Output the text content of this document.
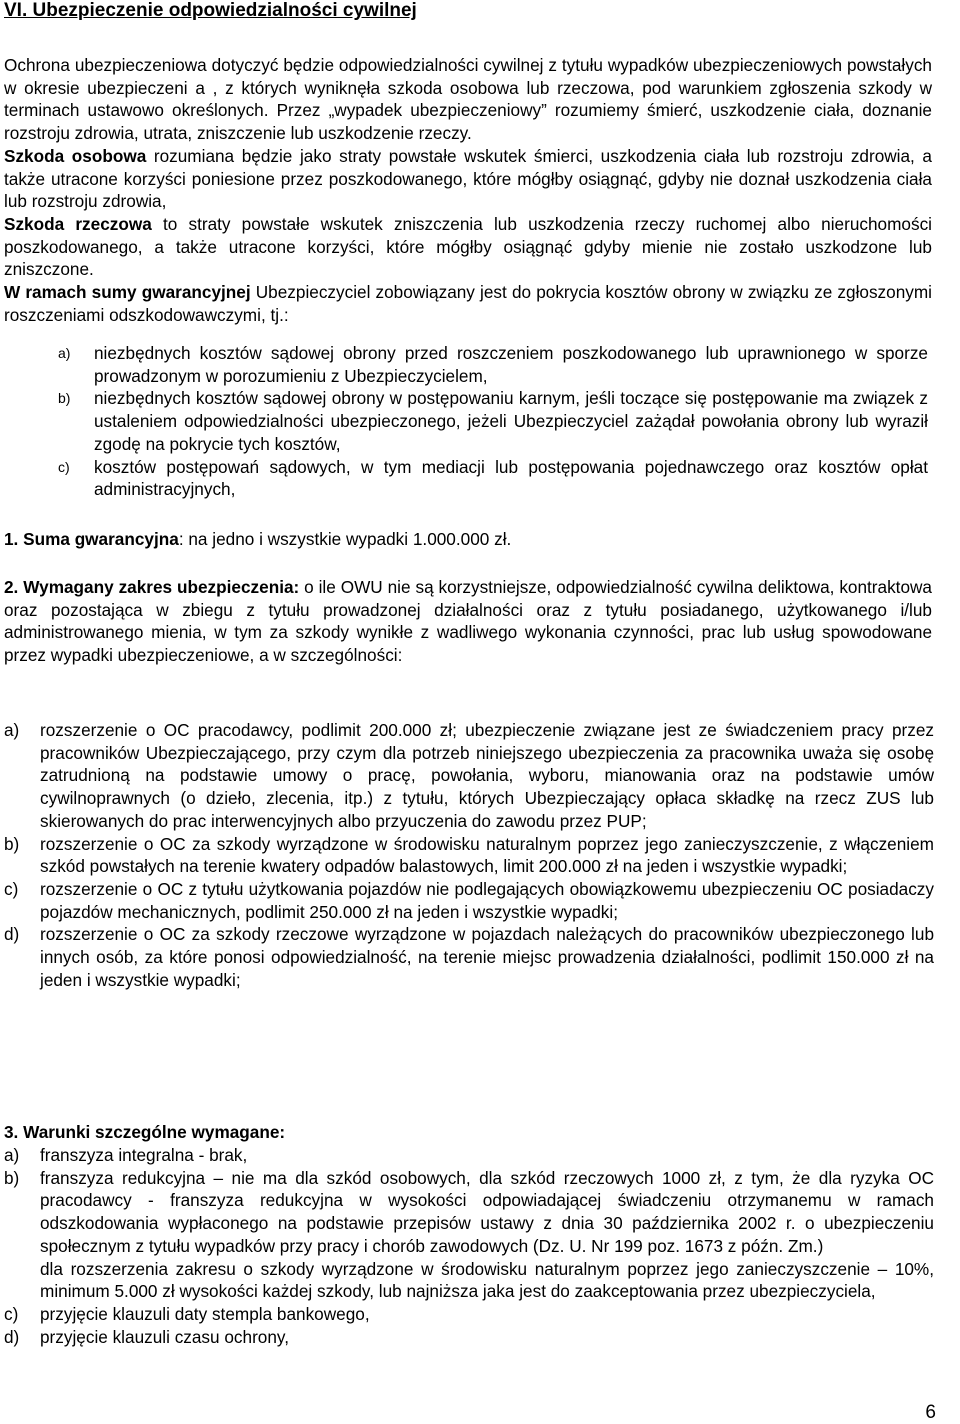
VI. Ubezpieczenie odpowiedzialności cywilnej

Ochrona ubezpieczeniowa dotyczyć będzie odpowiedzialności cywilnej z tytułu wypadków ubezpieczeniowych powstałych w okresie ubezpieczeni a , z których wyniknęła szkoda osobowa lub rzeczowa, pod warunkiem zgłoszenia szkody w terminach ustawowo określonych. Przez „wypadek ubezpieczeniowy” rozumiemy śmierć, uszkodzenie ciała, doznanie rozstroju zdrowia, utrata, zniszczenie lub uszkodzenie rzeczy.

Szkoda osobowa rozumiana będzie jako straty powstałe wskutek śmierci, uszkodzenia ciała lub rozstroju zdrowia, a także utracone korzyści poniesione przez poszkodowanego, które mógłby osiągnąć, gdyby nie doznał uszkodzenia ciała lub rozstroju zdrowia,

Szkoda rzeczowa to straty powstałe wskutek zniszczenia lub uszkodzenia rzeczy ruchomej albo nieruchomości poszkodowanego, a także utracone korzyści, które mógłby osiągnąć gdyby mienie nie zostało uszkodzone lub zniszczone.

W ramach sumy gwarancyjnej Ubezpieczyciel zobowiązany jest do pokrycia kosztów obrony w związku ze zgłoszonymi roszczeniami odszkodowawczymi, tj.:

a) niezbędnych kosztów sądowej obrony przed roszczeniem poszkodowanego lub uprawnionego w sporze prowadzonym w porozumieniu z Ubezpieczycielem,
b) niezbędnych kosztów sądowej obrony w postępowaniu karnym, jeśli toczące się postępowanie ma związek z ustaleniem odpowiedzialności ubezpieczonego, jeżeli Ubezpieczyciel zażądał powołania obrony lub wyraził zgodę na pokrycie tych kosztów,
c) kosztów postępowań sądowych, w tym mediacji lub postępowania pojednawczego oraz kosztów opłat administracyjnych,

1. Suma gwarancyjna: na jedno i wszystkie wypadki 1.000.000 zł.

2. Wymagany zakres ubezpieczenia: o ile OWU nie są korzystniejsze, odpowiedzialność cywilna deliktowa, kontraktowa oraz pozostająca w zbiegu z tytułu prowadzonej działalności oraz z tytułu posiadanego, użytkowanego i/lub administrowanego mienia, w tym za szkody wynikłe z wadliwego wykonania czynności, prac lub usług spowodowane przez wypadki ubezpieczeniowe, a w szczególności:

a) rozszerzenie o OC pracodawcy, podlimit 200.000 zł; ubezpieczenie związane jest ze świadczeniem pracy przez pracowników Ubezpieczającego, przy czym dla potrzeb niniejszego ubezpieczenia za pracownika uważa się osobę zatrudnioną na podstawie umowy o pracę, powołania, wyboru, mianowania oraz na podstawie umów cywilnoprawnych (o dzieło, zlecenia, itp.) z tytułu, których Ubezpieczający opłaca składkę na rzecz ZUS lub skierowanych do prac interwencyjnych albo przyuczenia do zawodu przez PUP;
b) rozszerzenie o OC za szkody wyrządzone w środowisku naturalnym poprzez jego zanieczyszczenie, z włączeniem szkód powstałych na terenie kwatery odpadów balastowych, limit 200.000 zł na jeden i wszystkie wypadki;
c) rozszerzenie o OC z tytułu użytkowania pojazdów nie podlegających obowiązkowemu ubezpieczeniu OC posiadaczy pojazdów mechanicznych, podlimit 250.000 zł na jeden i wszystkie wypadki;
d) rozszerzenie o OC za szkody rzeczowe wyrządzone w pojazdach należących do pracowników ubezpieczonego lub innych osób, za które ponosi odpowiedzialność, na terenie miejsc prowadzenia działalności, podlimit 150.000 zł na jeden i wszystkie wypadki;

3. Warunki szczególne wymagane:

a) franszyza integralna - brak,
b) franszyza redukcyjna – nie ma dla szkód osobowych, dla szkód rzeczowych 1000 zł, z tym, że dla ryzyka OC pracodawcy - franszyza redukcyjna w wysokości odpowiadającej świadczeniu otrzymanemu w ramach odszkodowania wypłaconego na podstawie przepisów ustawy z dnia 30 października 2002 r. o ubezpieczeniu społecznym z tytułu wypadków przy pracy i chorób zawodowych (Dz. U. Nr 199 poz. 1673 z późn. Zm.)
dla rozszerzenia zakresu o szkody wyrządzone w środowisku naturalnym poprzez jego zanieczyszczenie – 10%, minimum 5.000 zł wysokości każdej szkody, lub najniższa jaka jest do zaakceptowania przez ubezpieczyciela,
c) przyjęcie klauzuli daty stempla bankowego,
d) przyjęcie klauzuli czasu ochrony,
6
